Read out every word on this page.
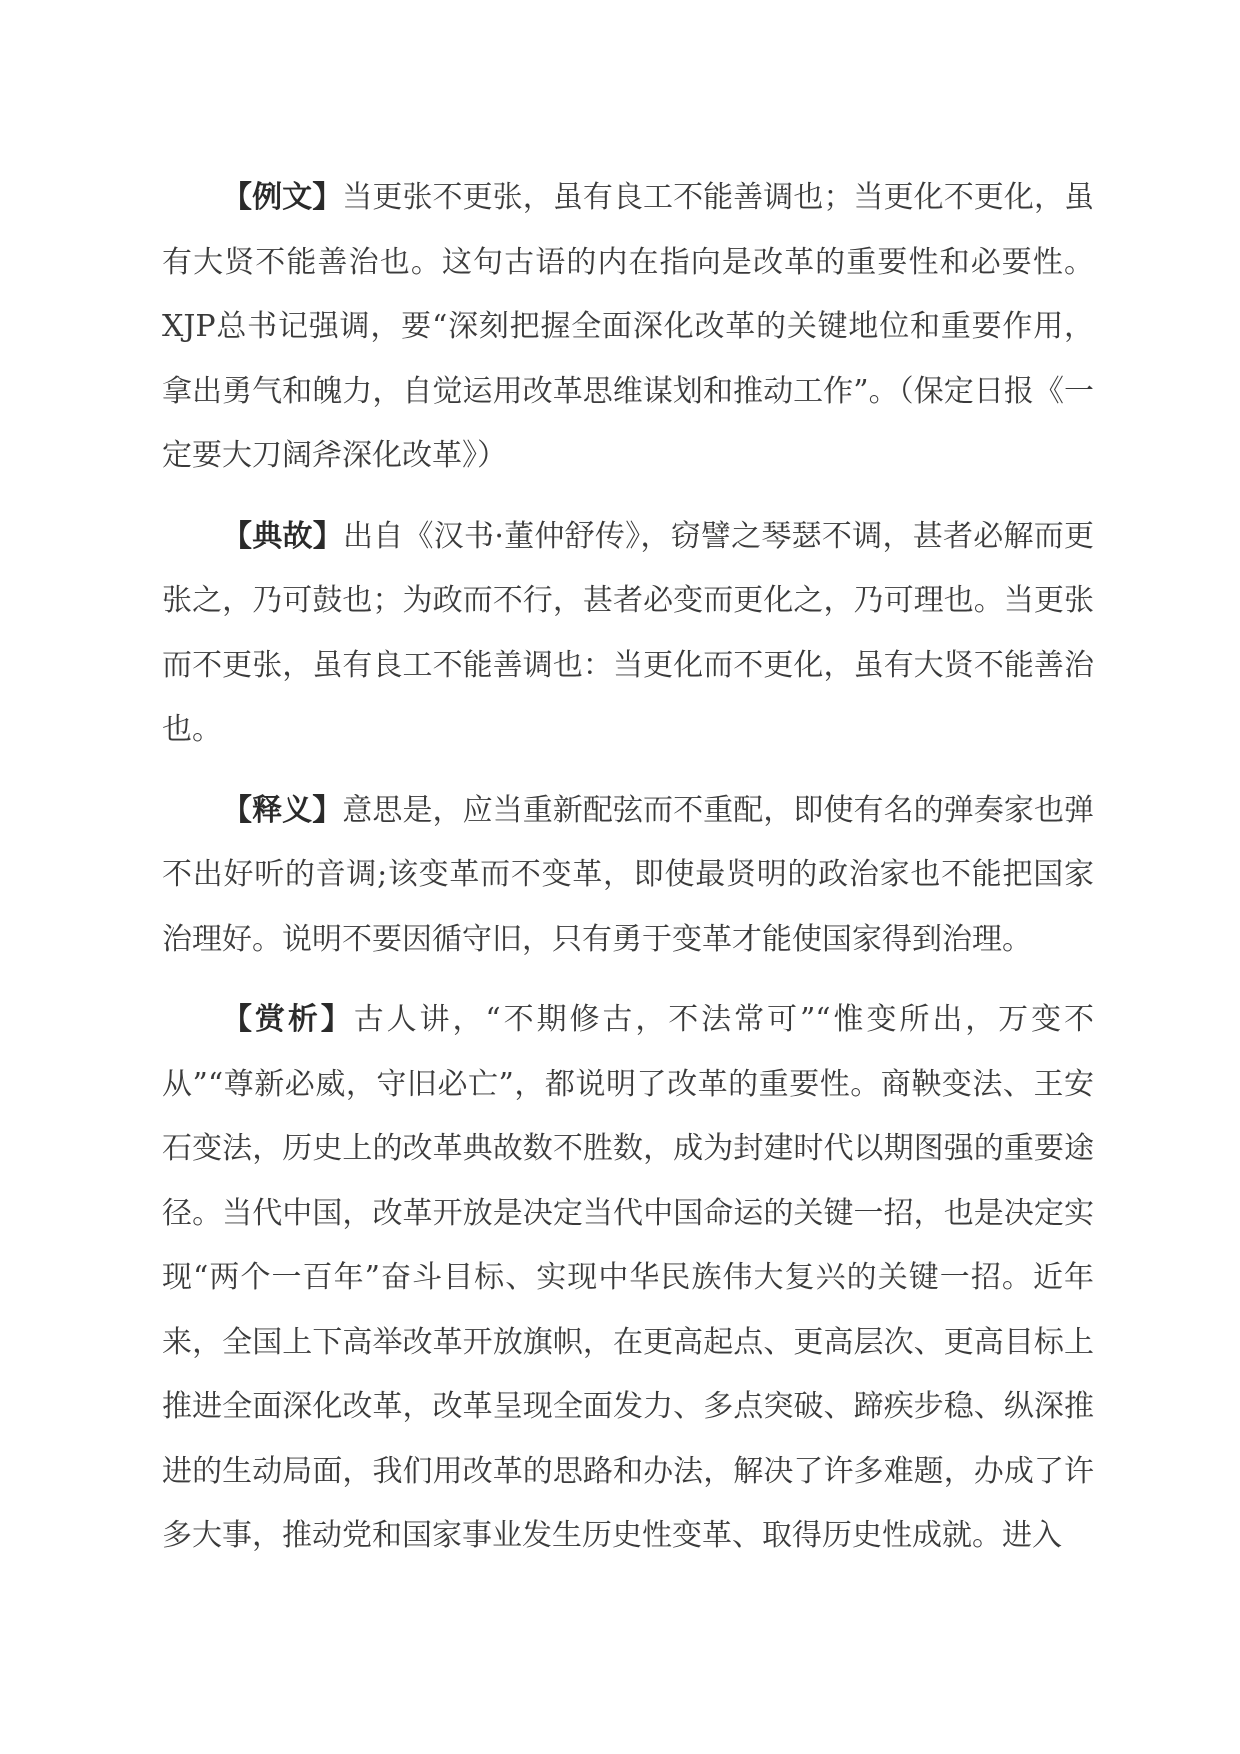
【例文】当更张不更张，虽有良工不能善调也；当更化不更化，虽有大贤不能善治也。这句古语的内在指向是改革的重要性和必要性。XJP总书记强调，要“深刻把握全面深化改革的关键地位和重要作用，拿出勇气和魄力，自觉运用改革思维谋划和推动工作”。（保定日报《一定要大刀阔斧深化改革》）

【典故】出自《汉书·董仲舒传》，窃譬之琴瑟不调，甚者必解而更张之，乃可鼓也；为政而不行，甚者必变而更化之，乃可理也。当更张而不更张，虽有良工不能善调也：当更化而不更化，虽有大贤不能善治也。

【释义】意思是，应当重新配弦而不重配，即使有名的弹奏家也弹不出好听的音调;该变革而不变革，即使最贤明的政治家也不能把国家治理好。说明不要因循守旧，只有勇于变革才能使国家得到治理。

【赏析】古人讲，“不期修古，不法常可”“惟变所出，万变不从”“尊新必威，守旧必亡”，都说明了改革的重要性。商鞅变法、王安石变法，历史上的改革典故数不胜数，成为封建时代以期图强的重要途径。当代中国，改革开放是决定当代中国命运的关键一招，也是决定实现“两个一百年”奋斗目标、实现中华民族伟大复兴的关键一招。近年来，全国上下高举改革开放旗帜，在更高起点、更高层次、更高目标上推进全面深化改革，改革呈现全面发力、多点突破、蹄疾步稳、纵深推进的生动局面，我们用改革的思路和办法，解决了许多难题，办成了许多大事，推动党和国家事业发生历史性变革、取得历史性成就。进入
